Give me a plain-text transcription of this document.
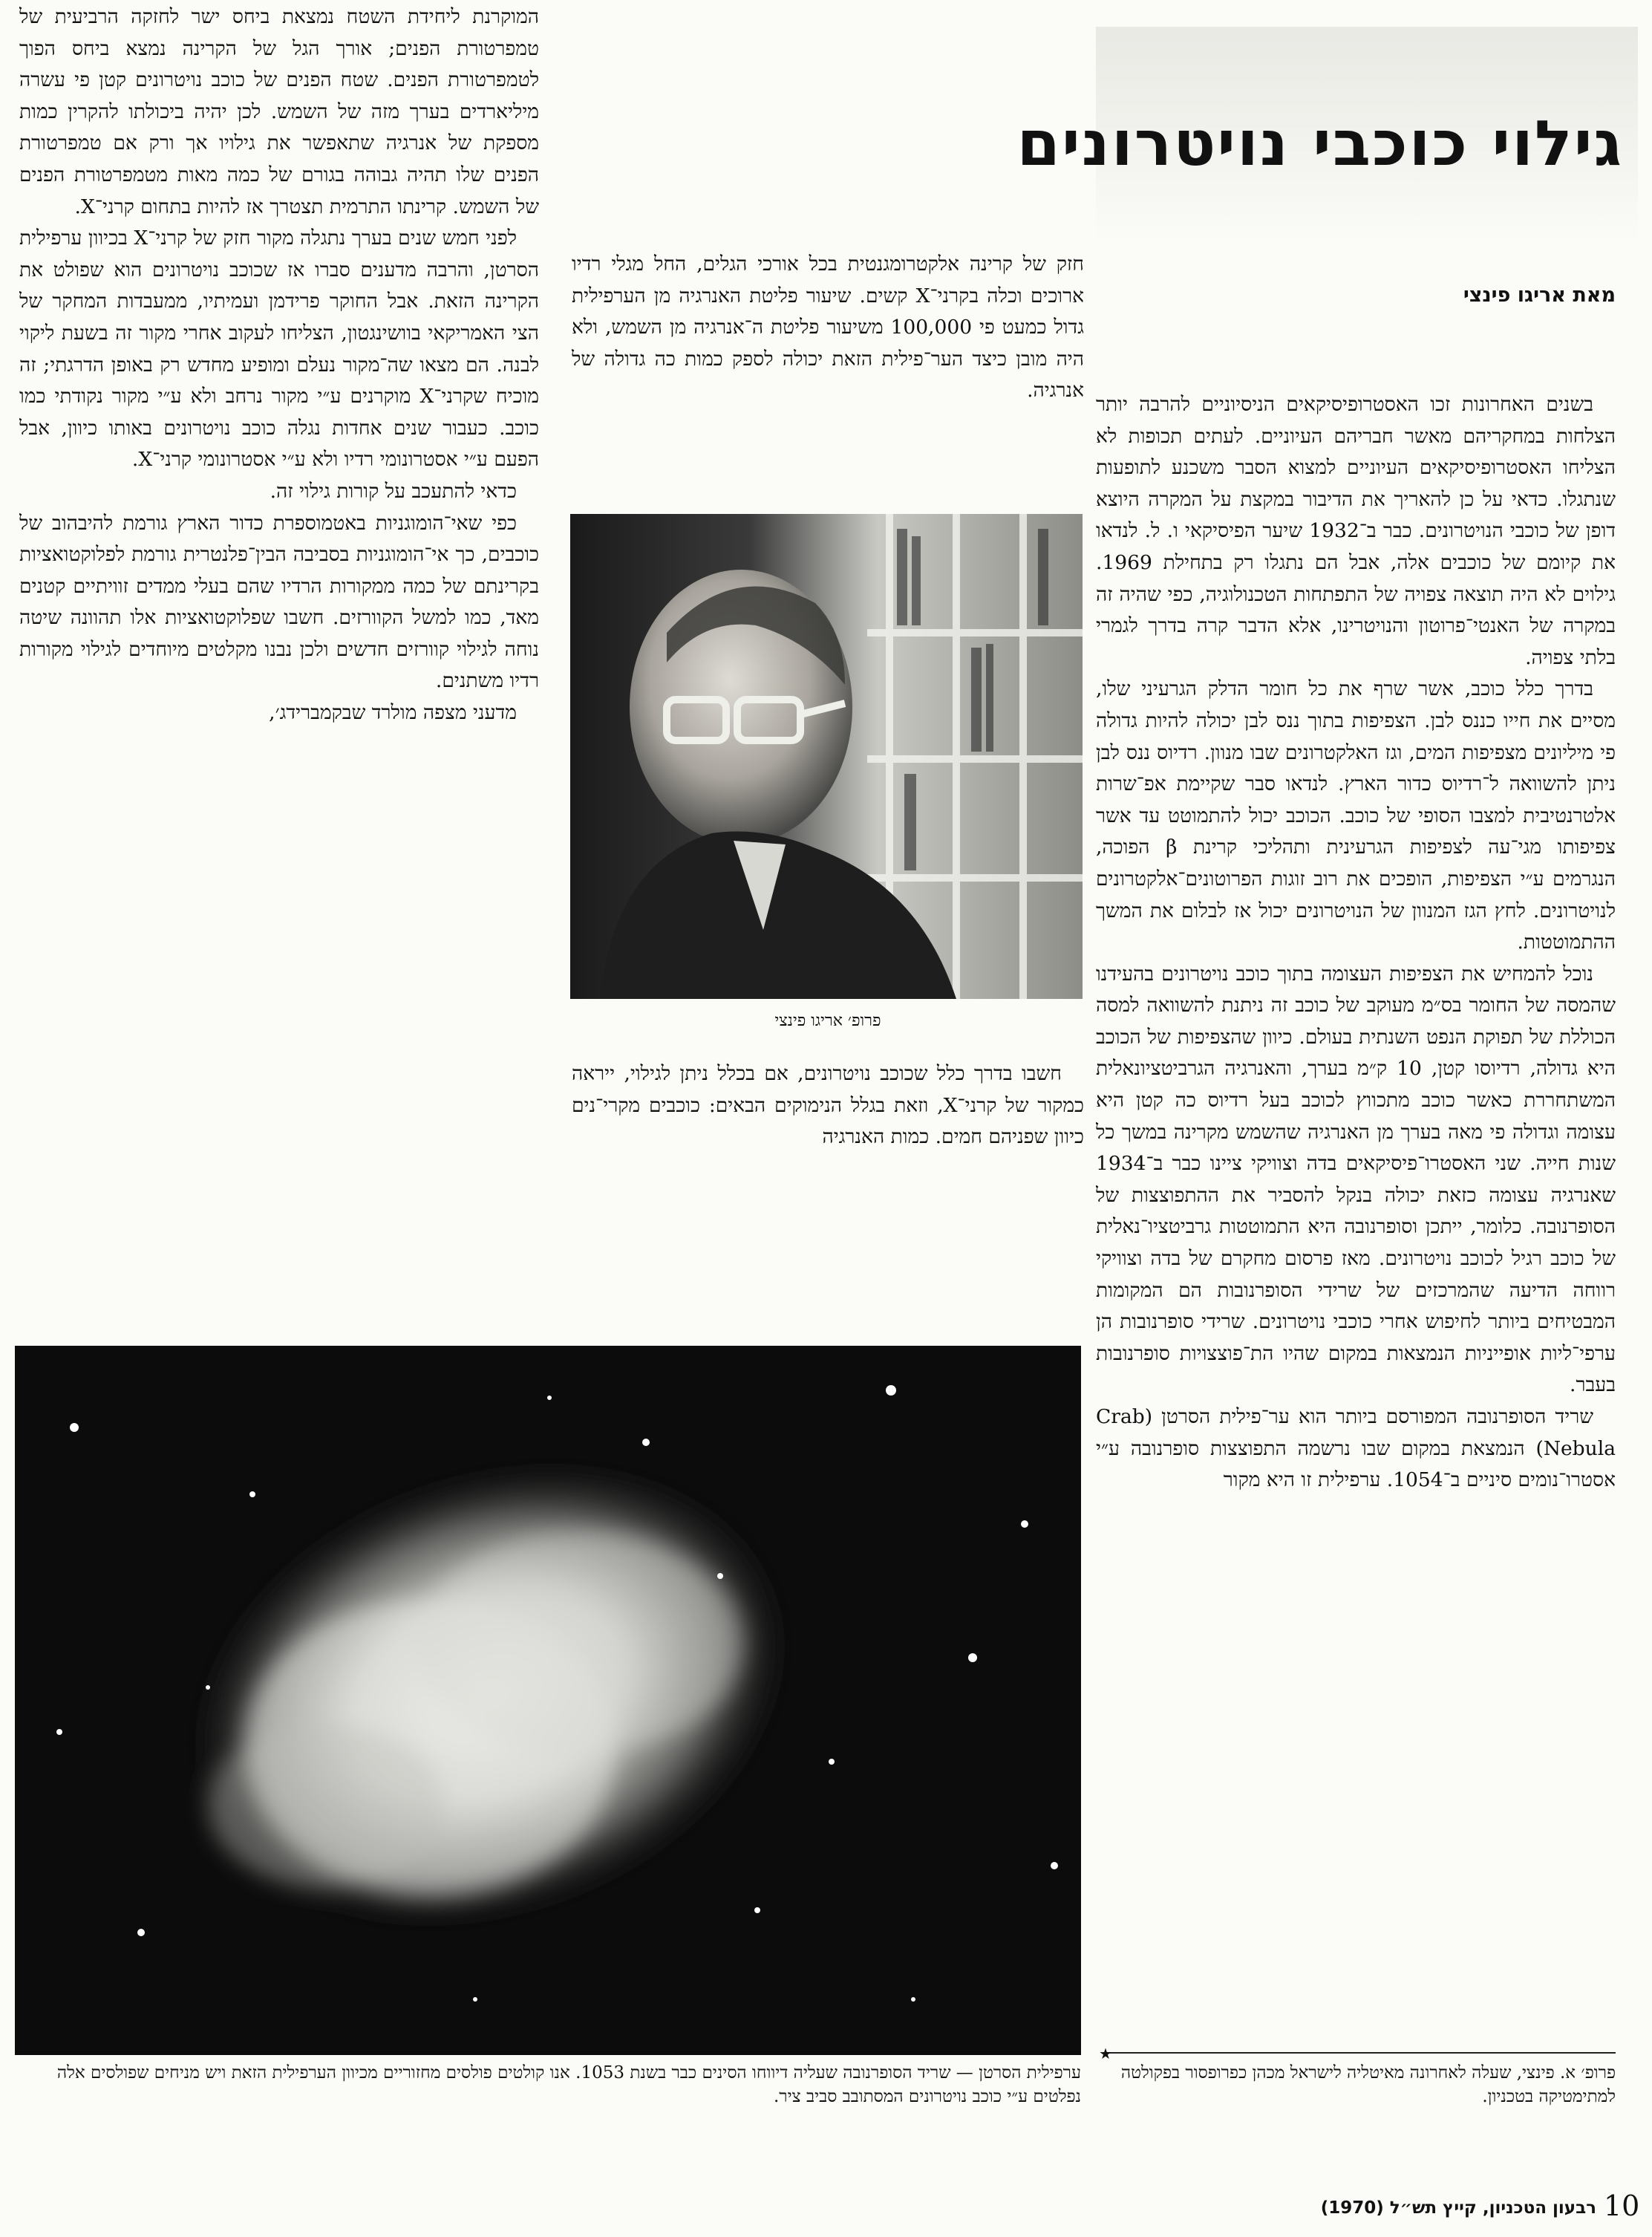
גילוי כוכבי נויטרונים
מאת אריגו פינצי

בשנים האחרונות זכו האסטרופיסיקאים הניסיוניים להרבה יותר הצלחות במחקריהם מאשר חבריהם העיוניים. לעתים תכופות לא הצליחו האסטרופיסיקאים העיוניים למצוא הסבר משכנע לתופעות שנתגלו. כדאי על כן להאריך את הדיבור במקצת על המקרה היוצא דופן של כוכבי הנויטרונים. כבר ב־1932 שיער הפיסיקאי ו. ל. לנדאו את קיומם של כוכבים אלה, אבל הם נתגלו רק בתחילת 1969. גילוים לא היה תוצאה צפויה של התפתחות הטכנולוגיה, כפי שהיה זה במקרה של האנטי־פרוטון והנויטרינו, אלא הדבר קרה בדרך לגמרי בלתי צפויה.

בדרך כלל כוכב, אשר שרף את כל חומר הדלק הגרעיני שלו, מסיים את חייו כננס לבן. הצפיפות בתוך ננס לבן יכולה להיות גדולה פי מיליונים מצפיפות המים, וגז האלקטרונים שבו מנוון. רדיוס ננס לבן ניתן להשוואה ל־רדיוס כדור הארץ. לנדאו סבר שקיימת אפ־שרות אלטרנטיבית למצבו הסופי של כוכב. הכוכב יכול להתמוטט עד אשר צפיפותו מגי־עה לצפיפות הגרעינית ותהליכי קרינת β הפוכה, הנגרמים ע״י הצפיפות, הופכים את רוב זוגות הפרוטונים־אלקטרונים לנויטרונים. לחץ הגז המנוון של הנויטרונים יכול אז לבלום את המשך ההתמוטטות.

נוכל להמחיש את הצפיפות העצומה בתוך כוכב נויטרונים בהעידנו שהמסה של החומר בס״מ מעוקב של כוכב זה ניתנת להשוואה למסה הכוללת של תפוקת הנפט השנתית בעולם. כיוון שהצפיפות של הכוכב היא גדולה, רדיוסו קטן, 10 ק״מ בערך, והאנרגיה הגרביטציונאלית המשתחררת כאשר כוכב מתכווץ לכוכב בעל רדיוס כה קטן היא עצומה וגדולה פי מאה בערך מן האנרגיה שהשמש מקרינה במשך כל שנות חייה. שני האסטרו־פיסיקאים בדה וצוויקי ציינו כבר ב־1934 שאנרגיה עצומה כזאת יכולה בנקל להסביר את ההתפוצצות של הסופרנובה. כלומר, ייתכן וסופרנובה היא התמוטטות גרביטציו־נאלית של כוכב רגיל לכוכב נויטרונים. מאז פרסום מחקרם של בדה וצוויקי רווחה הדיעה שהמרכזים של שרידי הסופרנובות הם המקומות המבטיחים ביותר לחיפוש אחרי כוכבי נויטרונים. שרידי סופרנובות הן ערפי־ליות אופייניות הנמצאות במקום שהיו הת־פוצצויות סופרנובות בעבר.

שריד הסופרנובה המפורסם ביותר הוא ער־פילית הסרטן (Crab Nebula) הנמצאת במקום שבו נרשמה התפוצצות סופרנובה ע״י אסטרו־נומים סיניים ב־1054. ערפילית זו היא מקור

חזק של קרינה אלקטרומגנטית בכל אורכי הגלים, החל מגלי רדיו ארוכים וכלה בקרני־X קשים. שיעור פליטת האנרגיה מן הערפילית גדול כמעט פי 100,000 משיעור פליטת ה־אנרגיה מן השמש, ולא היה מובן כיצד הער־פילית הזאת יכולה לספק כמות כה גדולה של אנרגיה.

פרופ׳ אריגו פינצי

חשבו בדרך כלל שכוכב נויטרונים, אם בכלל ניתן לגילוי, ייראה כמקור של קרני־X, וזאת בגלל הנימוקים הבאים: כוכבים מקרי־נים כיוון שפניהם חמים. כמות האנרגיה

המוקרנת ליחידת השטח נמצאת ביחס ישר לחזקה הרביעית של טמפרטורת הפנים; אורך הגל של הקרינה נמצא ביחס הפוך לטמפרטורת הפנים. שטח הפנים של כוכב נויטרונים קטן פי עשרה מיליארדים בערך מזה של השמש. לכן יהיה ביכולתו להקרין כמות מספקת של אנרגיה שתאפשר את גילויו אך ורק אם טמפרטורת הפנים שלו תהיה גבוהה בגורם של כמה מאות מטמפרטורת הפנים של השמש. קרינתו התרמית תצטרך אז להיות בתחום קרני־X.

לפני חמש שנים בערך נתגלה מקור חזק של קרני־X בכיוון ערפילית הסרטן, והרבה מדענים סברו אז שכוכב נויטרונים הוא שפולט את הקרינה הזאת. אבל החוקר פרידמן ועמיתיו, ממעבדות המחקר של הצי האמריקאי בוושינגטון, הצליחו לעקוב אחרי מקור זה בשעת ליקוי לבנה. הם מצאו שה־מקור נעלם ומופיע מחדש רק באופן הדרגתי; זה מוכיח שקרני־X מוקרנים ע״י מקור נרחב ולא ע״י מקור נקודתי כמו כוכב. כעבור שנים אחדות נגלה כוכב נויטרונים באותו כיוון, אבל הפעם ע״י אסטרונומי רדיו ולא ע״י אסטרונומי קרני־X.

כדאי להתעכב על קורות גילוי זה.

כפי שאי־הומוגניות באטמוספרת כדור הארץ גורמת להיבהוב של כוכבים, כך אי־הומוגניות בסביבה הבין־פלנטרית גורמת לפלוקטואציות בקרינתם של כמה ממקורות הרדיו שהם בעלי ממדים זוויתיים קטנים מאד, כמו למשל הקוורזים. חשבו שפלוקטואציות אלו תהוונה שיטה נוחה לגילוי קוורזים חדשים ולכן נבנו מקלטים מיוחדים לגילוי מקורות רדיו משתנים.

מדעני מצפה מולרד שבקמברידג׳,

ערפילית הסרטן — שריד הסופרנובה שעליה דיווחו הסינים כבר בשנת 1053. אנו קולטים פולסים מחזוריים מכיוון הערפילית הזאת ויש מניחים שפולסים אלה נפלטים ע״י כוכב נויטרונים המסתובב סביב ציר.
★
פרופ׳ א. פינצי, שעלה לאחרונה מאיטליה לישראל מכהן כפרופסור בפקולטה למתימטיקה בטכניון.
רבעון הטכניון, קייץ תש״ל (1970) 10
